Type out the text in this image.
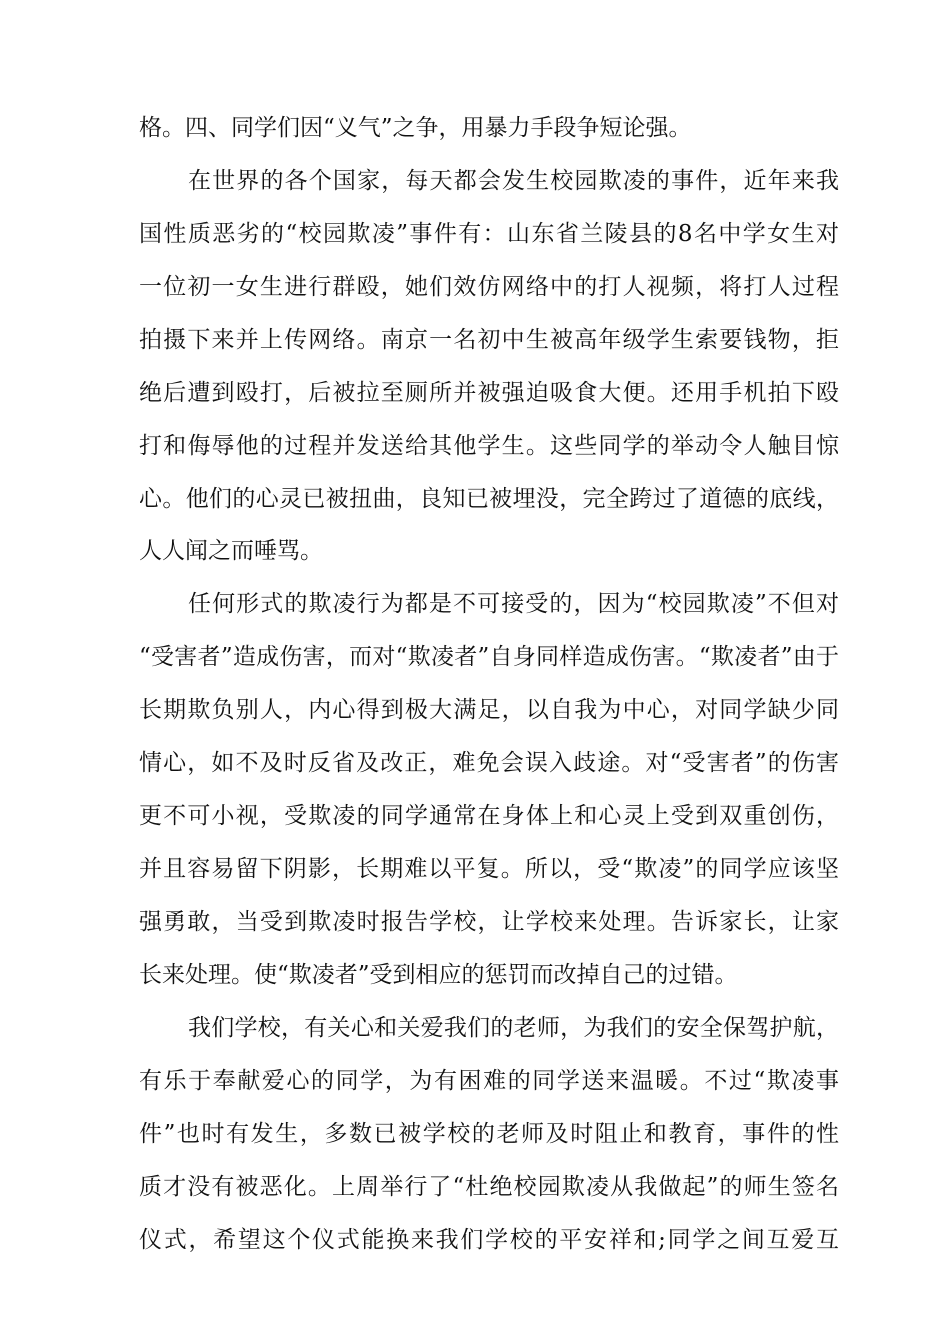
格。四、同学们因“义气”之争，用暴力手段争短论强。
在世界的各个国家，每天都会发生校园欺凌的事件，近年来我
国性质恶劣的“校园欺凌”事件有：山东省兰陵县的8名中学女生对
一位初一女生进行群殴，她们效仿网络中的打人视频，将打人过程
拍摄下来并上传网络。南京一名初中生被高年级学生索要钱物，拒
绝后遭到殴打，后被拉至厕所并被强迫吸食大便。还用手机拍下殴
打和侮辱他的过程并发送给其他学生。这些同学的举动令人触目惊
心。他们的心灵已被扭曲，良知已被埋没，完全跨过了道德的底线，
人人闻之而唾骂。
任何形式的欺凌行为都是不可接受的，因为“校园欺凌”不但对
“受害者”造成伤害，而对“欺凌者”自身同样造成伤害。“欺凌者”由于
长期欺负别人，内心得到极大满足，以自我为中心，对同学缺少同
情心，如不及时反省及改正，难免会误入歧途。对“受害者”的伤害
更不可小视，受欺凌的同学通常在身体上和心灵上受到双重创伤，
并且容易留下阴影，长期难以平复。所以，受“欺凌”的同学应该坚
强勇敢，当受到欺凌时报告学校，让学校来处理。告诉家长，让家
长来处理。使“欺凌者”受到相应的惩罚而改掉自己的过错。
我们学校，有关心和关爱我们的老师，为我们的安全保驾护航，
有乐于奉献爱心的同学，为有困难的同学送来温暖。不过“欺凌事
件”也时有发生，多数已被学校的老师及时阻止和教育，事件的性
质才没有被恶化。上周举行了“杜绝校园欺凌从我做起”的师生签名
仪式，希望这个仪式能换来我们学校的平安祥和;同学之间互爱互
